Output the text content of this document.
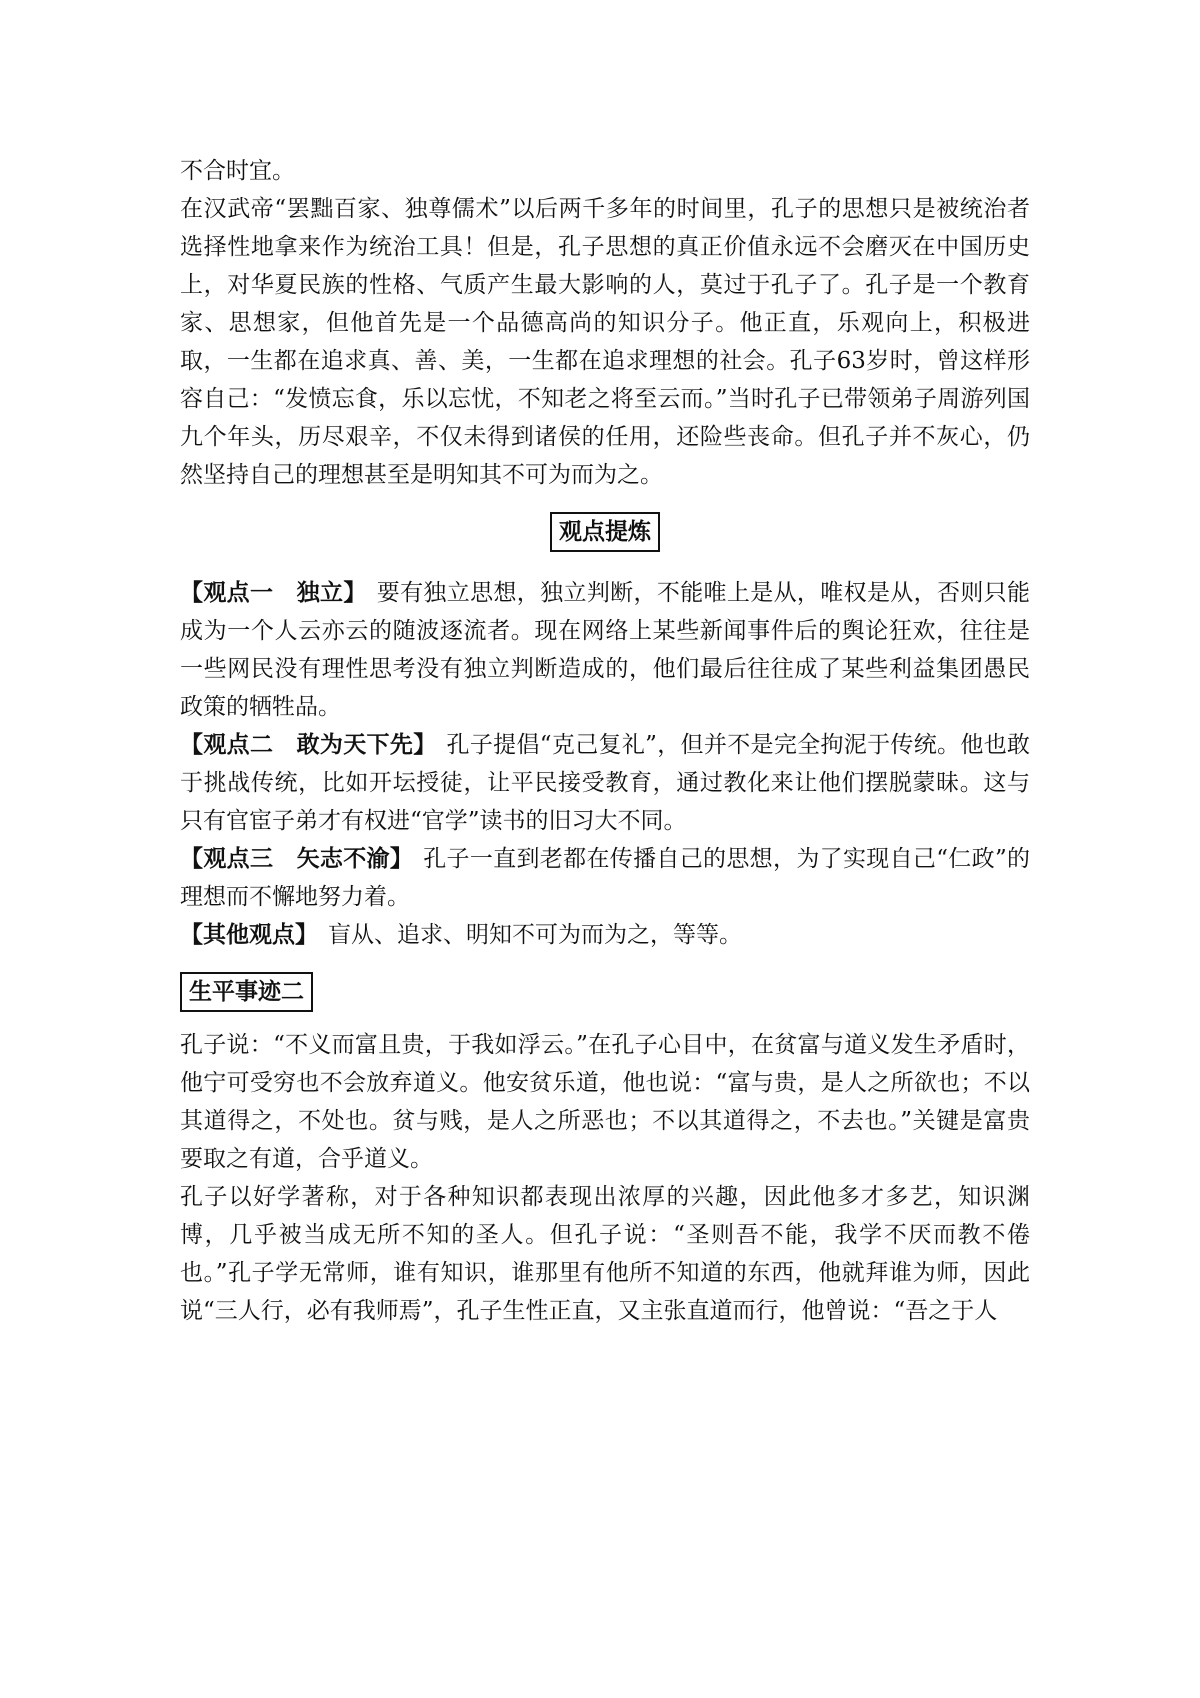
不合时宜。

在汉武帝“罢黜百家、独尊儒术”以后两千多年的时间里，孔子的思想只是被统治者选择性地拿来作为统治工具！但是，孔子思想的真正价值永远不会磨灭在中国历史上，对华夏民族的性格、气质产生最大影响的人，莫过于孔子了。孔子是一个教育家、思想家，但他首先是一个品德高尚的知识分子。他正直，乐观向上，积极进取，一生都在追求真、善、美，一生都在追求理想的社会。孔子63岁时，曾这样形容自己：“发愤忘食，乐以忘忧，不知老之将至云而。”当时孔子已带领弟子周游列国九个年头，历尽艰辛，不仅未得到诸侯的任用，还险些丧命。但孔子并不灰心，仍然坚持自己的理想甚至是明知其不可为而为之。

观点提炼

【 观点一　独立 】 要有独立思想，独立判断，不能唯上是从，唯权是从，否则只能成为一个人云亦云的随波逐流者。现在网络上某些新闻事件后的舆论狂欢，往往是一些网民没有理性思考没有独立判断造成的，他们最后往往成了某些利益集团愚民政策的牺牲品。

【 观点二　敢为天下先 】 孔子提倡“克己复礼”，但并不是完全拘泥于传统。他也敢于挑战传统，比如开坛授徒，让平民接受教育，通过教化来让他们摆脱蒙昧。这与只有官宦子弟才有权进“官学”读书的旧习大不同。

【 观点三　矢志不渝 】 孔子一直到老都在传播自己的思想，为了实现自己“仁政”的理想而不懈地努力着。

【 其他观点 】 盲从、追求、明知不可为而为之，等等。

生平事迹二

孔子说：“不义而富且贵，于我如浮云。”在孔子心目中，在贫富与道义发生矛盾时，他宁可受穷也不会放弃道义。他安贫乐道，他也说：“富与贵，是人之所欲也；不以其道得之，不处也。贫与贱，是人之所恶也；不以其道得之，不去也。”关键是富贵要取之有道，合乎道义。

孔子以好学著称，对于各种知识都表现出浓厚的兴趣，因此他多才多艺，知识渊博，几乎被当成无所不知的圣人。但孔子说：“圣则吾不能，我学不厌而教不倦也。”孔子学无常师，谁有知识，谁那里有他所不知道的东西，他就拜谁为师，因此说“三人行，必有我师焉”，孔子生性正直，又主张直道而行，他曾说：“吾之于人
